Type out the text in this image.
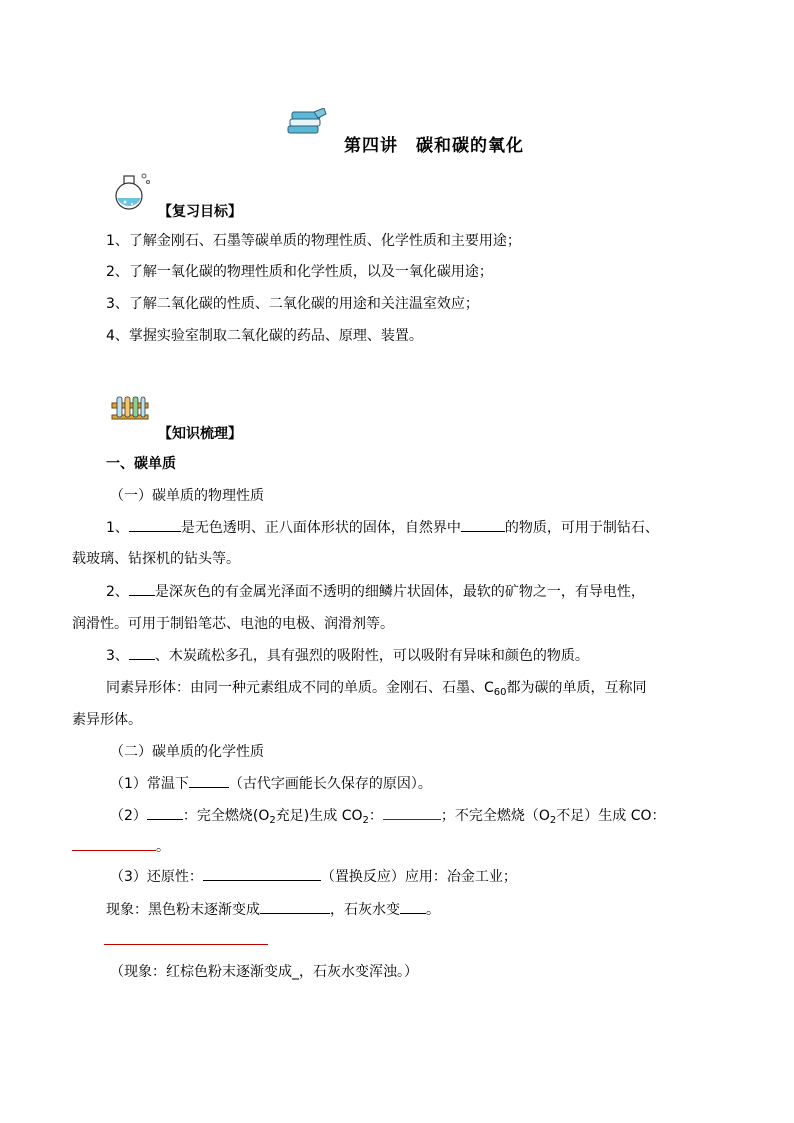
第四讲　碳和碳的氧化
【复习目标】
1、了解金刚石、石墨等碳单质的物理性质、化学性质和主要用途；
2、了解一氧化碳的物理性质和化学性质，以及一氧化碳用途；
3、了解二氧化碳的性质、二氧化碳的用途和关注温室效应；
4、掌握实验室制取二氧化碳的药品、原理、装置。
【知识梳理】
一、碳单质
（一）碳单质的物理性质
1、	是无色透明、正八面体形状的固体，自然界中	的物质，可用于制钻石、
载玻璃、钻探机的钻头等。
2、 是深灰色的有金属光泽面不透明的细鳞片状固体，最软的矿物之一，有导电性，
润滑性。可用于制铅笔芯、电池的电极、润滑剂等。
3、 、木炭疏松多孔，具有强烈的吸附性，可以吸附有异味和颜色的物质。
同素异形体：由同一种元素组成不同的单质。金刚石、石墨、$C_{60}$都为碳的单质，互称同
素异形体。
（二）碳单质的化学性质
（1）常温下	（古代字画能长久保存的原因）。
（2）	：完全燃烧($O_2$充足)生成 $CO_2$：	；不完全燃烧（$O_2$不足）生成 CO：
。
（3）还原性：	（置换反应）应用：冶金工业；
现象：黑色粉末逐渐变成	，石灰水变 。
（现象：红棕色粉末逐渐变成_，石灰水变浑浊。）
